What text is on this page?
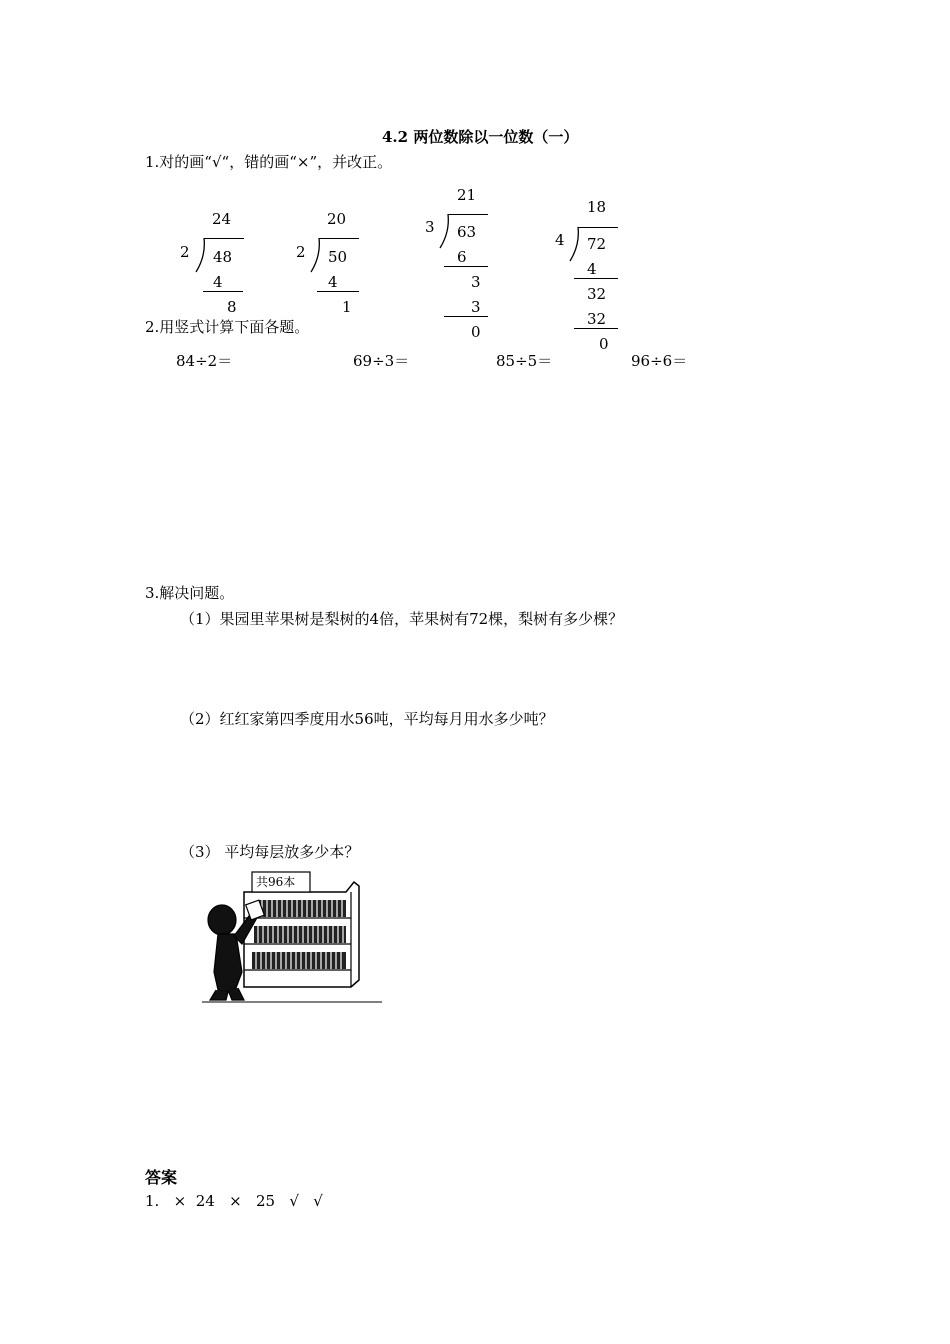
4.2 两位数除以一位数（一）
1.对的画“√“，错的画“×”，并改正。
24
2 48
4
8
20
2 50
4
1
21
3 63
6
3
3
0
18
4 72
4
32
32
0
2.用竖式计算下面各题。
84÷2＝	69÷3＝	85÷5＝	96÷6＝
3.解决问题。
（1）果园里苹果树是梨树的4倍，苹果树有72棵，梨树有多少棵？
（2）红红家第四季度用水56吨，平均每月用水多少吨？
（3） 平均每层放多少本？
共96本
答案
1.   ×  24   ×   25   √   √
